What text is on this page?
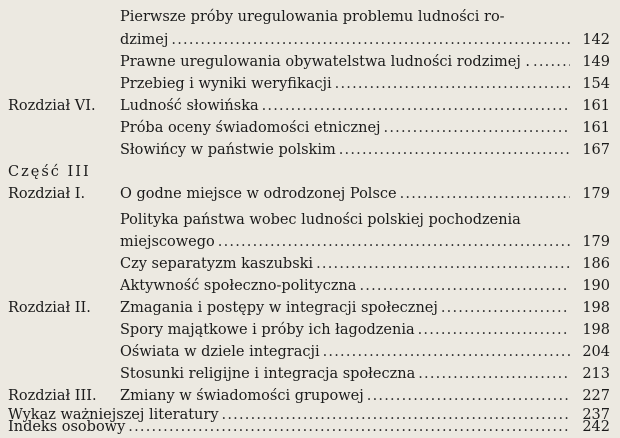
Pierwsze próby uregulowania problemu ludności ro-
dzimej .....	142
Prawne uregulowania obywatelstwa ludności rodzimej . .....	149
Przebieg i wyniki weryfikacji .....	154
Rozdział VI. Ludność słowińska .....	161
Próba oceny świadomości etnicznej .....	161
Słowińcy w państwie polskim .....	167
Część III
Rozdział I. O godne miejsce w odrodzonej Polsce .....	179
Polityka państwa wobec ludności polskiej pochodzenia
miejscowego .....	179
Czy separatyzm kaszubski .....	186
Aktywność społeczno-polityczna .....	190
Rozdział II. Zmagania i postępy w integracji społecznej .....	198
Spory majątkowe i próby ich łagodzenia .....	198
Oświata w dziele integracji .....	204
Stosunki religijne i integracja społeczna .....	213
Rozdział III. Zmiany w świadomości grupowej .....	227
Wykaz ważniejszej literatury .....	237
Indeks osobowy .....	242
